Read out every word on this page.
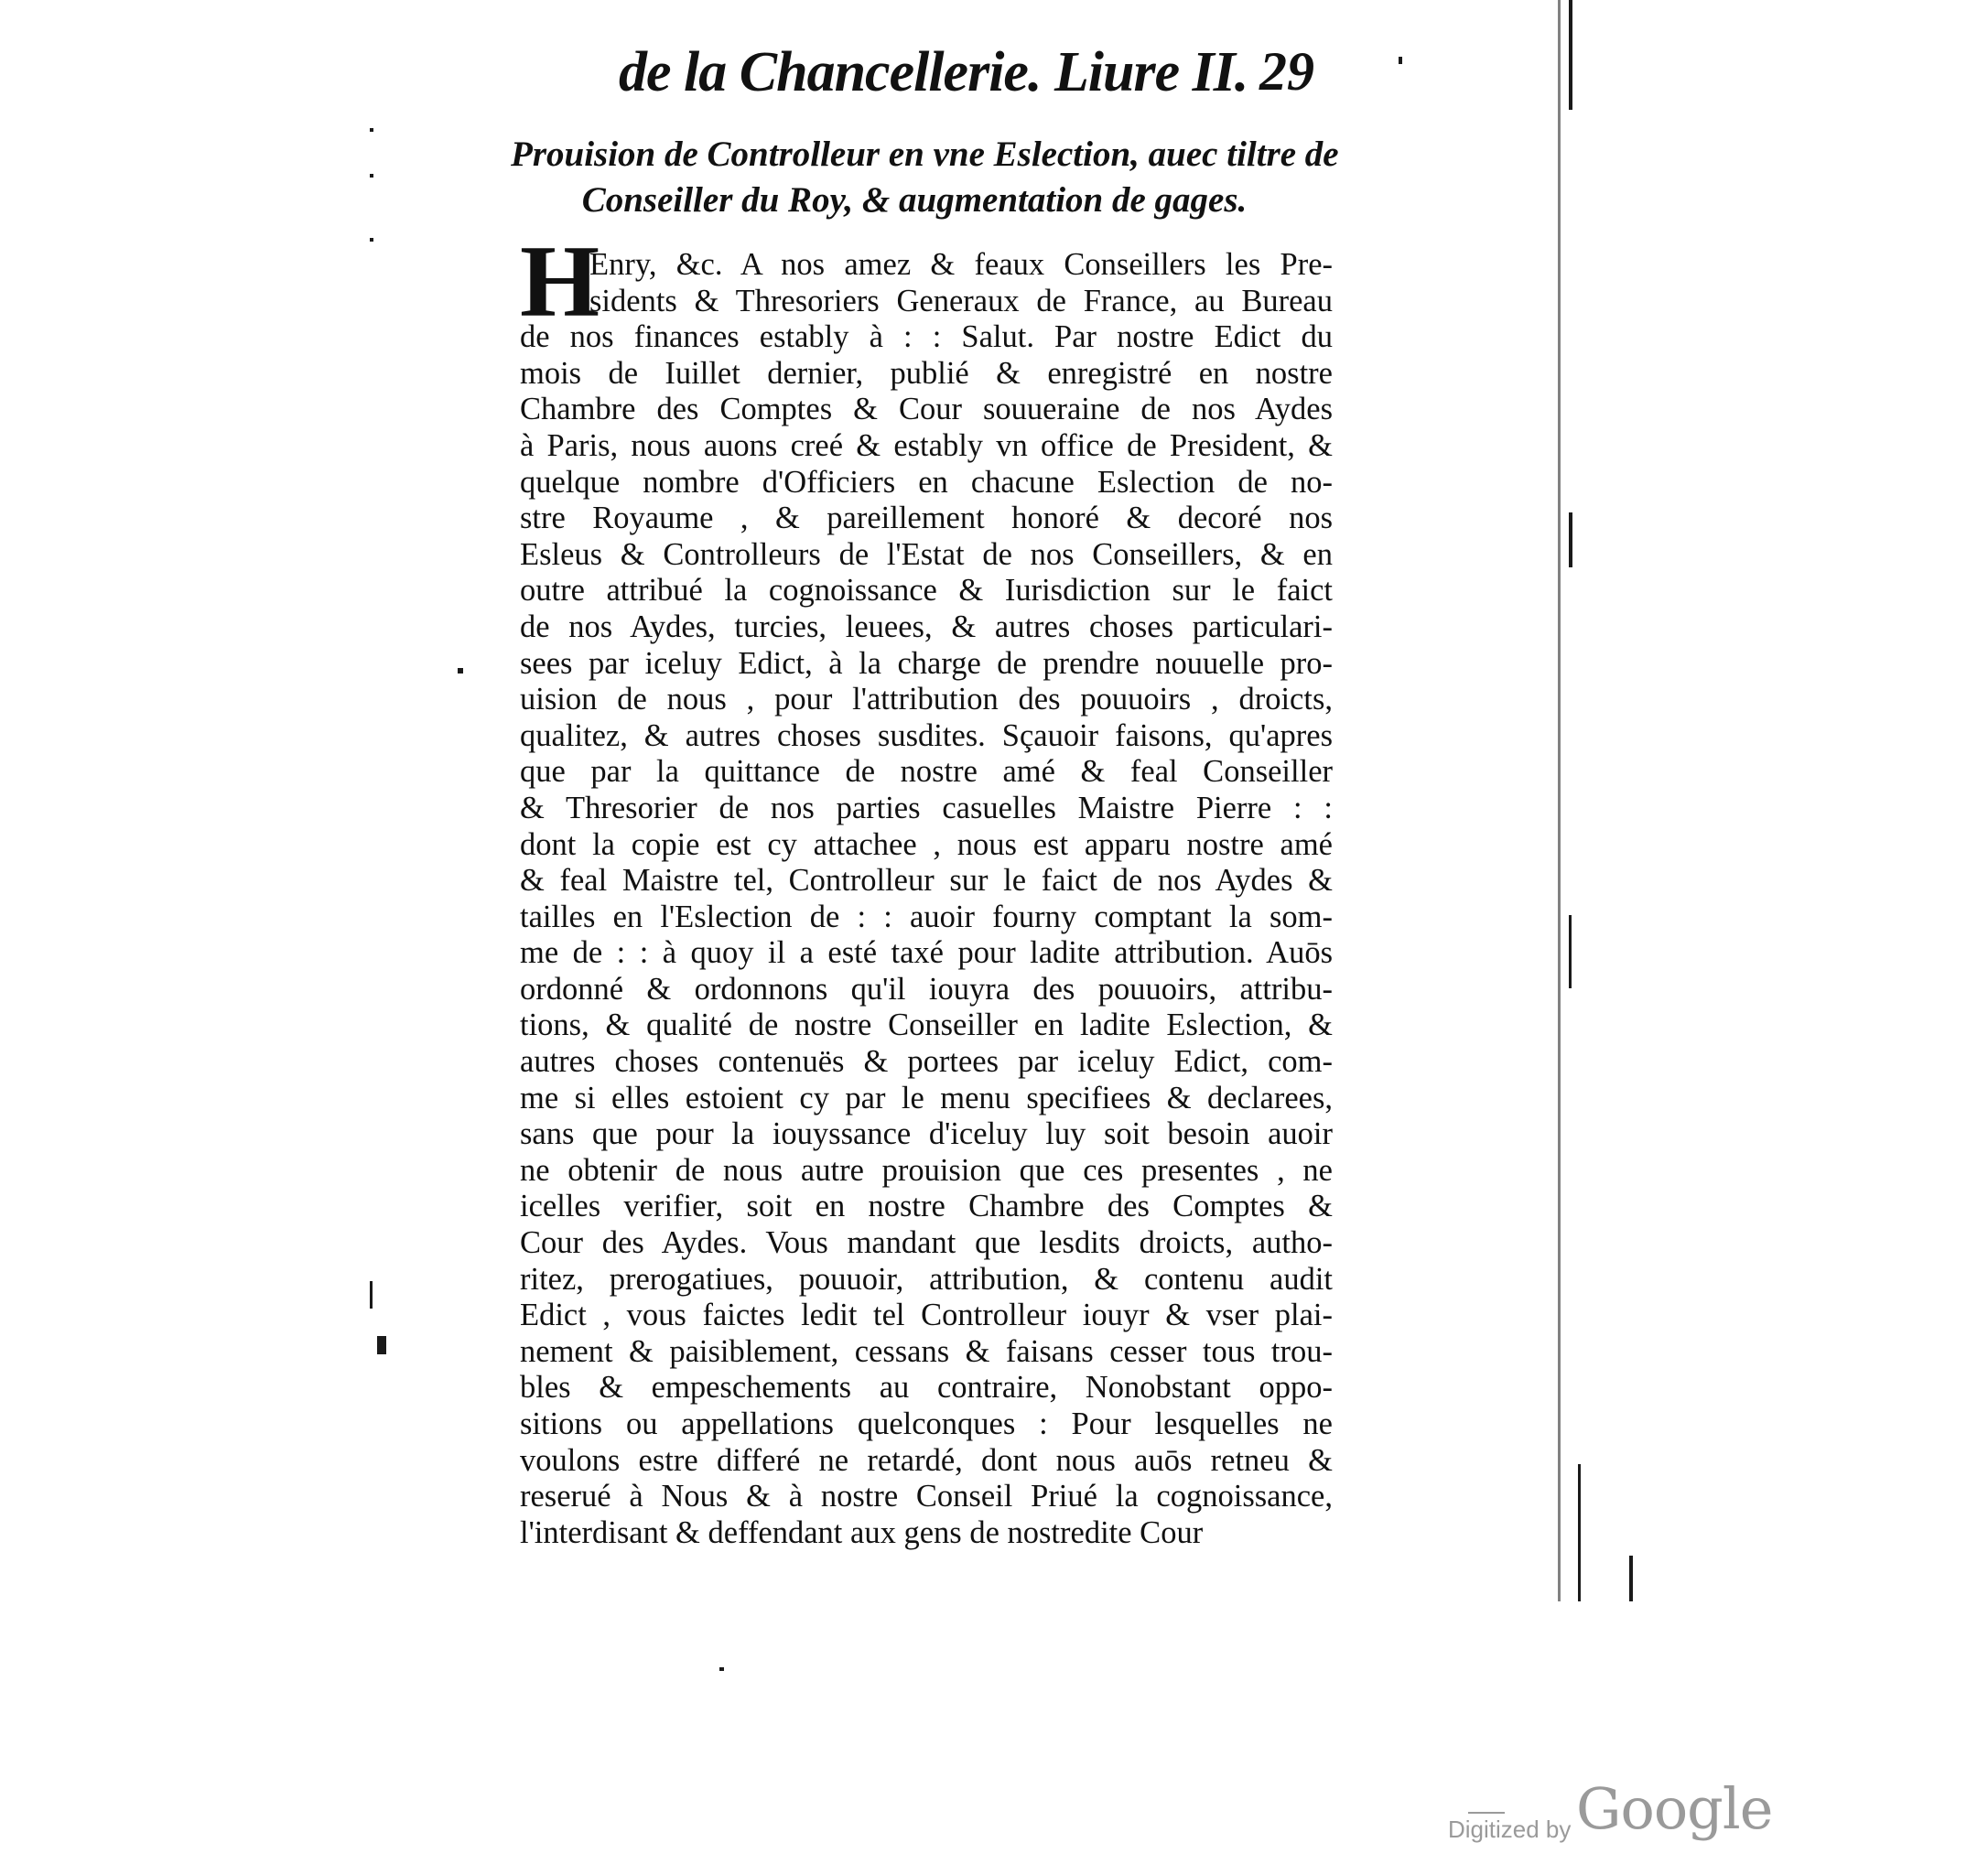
de la Chancellerie. Liure II. 29
Prouision de Controlleur en vne Eslection, auec tiltre de
Conseiller du Roy, & augmentation de gages.
H
Enry, &c. A nos amez & feaux Conseillers les Pre-
sidents & Thresoriers Generaux de France, au Bureau
de nos finances estably à : : Salut. Par nostre Edict du
mois de Iuillet dernier, publié & enregistré en nostre
Chambre des Comptes & Cour souueraine de nos Aydes
à Paris, nous auons creé & estably vn office de President, &
quelque nombre d'Officiers en chacune Eslection de no-
stre Royaume , & pareillement honoré & decoré nos
Esleus & Controlleurs de l'Estat de nos Conseillers, & en
outre attribué la cognoissance & Iurisdiction sur le faict
de nos Aydes, turcies, leuees, & autres choses particulari-
sees par iceluy Edict, à la charge de prendre nouuelle pro-
uision de nous , pour l'attribution des pouuoirs , droicts,
qualitez, & autres choses susdites. Sçauoir faisons, qu'apres
que par la quittance de nostre amé & feal Conseiller
& Thresorier de nos parties casuelles Maistre Pierre : :
dont la copie est cy attachee , nous est apparu nostre amé
& feal Maistre tel, Controlleur sur le faict de nos Aydes &
tailles en l'Eslection de : : auoir fourny comptant la som-
me de : : à quoy il a esté taxé pour ladite attribution. Auōs
ordonné & ordonnons qu'il iouyra des pouuoirs, attribu-
tions, & qualité de nostre Conseiller en ladite Eslection, &
autres choses contenuës & portees par iceluy Edict, com-
me si elles estoient cy par le menu specifiees & declarees,
sans que pour la iouyssance d'iceluy luy soit besoin auoir
ne obtenir de nous autre prouision que ces presentes , ne
icelles verifier, soit en nostre Chambre des Comptes &
Cour des Aydes. Vous mandant que lesdits droicts, autho-
ritez, prerogatiues, pouuoir, attribution, & contenu audit
Edict , vous faictes ledit tel Controlleur iouyr & vser plai-
nement & paisiblement, cessans & faisans cesser tous trou-
bles & empeschements au contraire, Nonobstant oppo-
sitions ou appellations quelconques : Pour lesquelles ne
voulons estre differé ne retardé, dont nous auōs retneu &
reserué à Nous & à nostre Conseil Priué la cognoissance,
l'interdisant & deffendant aux gens de nostredite Cour
Digitized by Google
